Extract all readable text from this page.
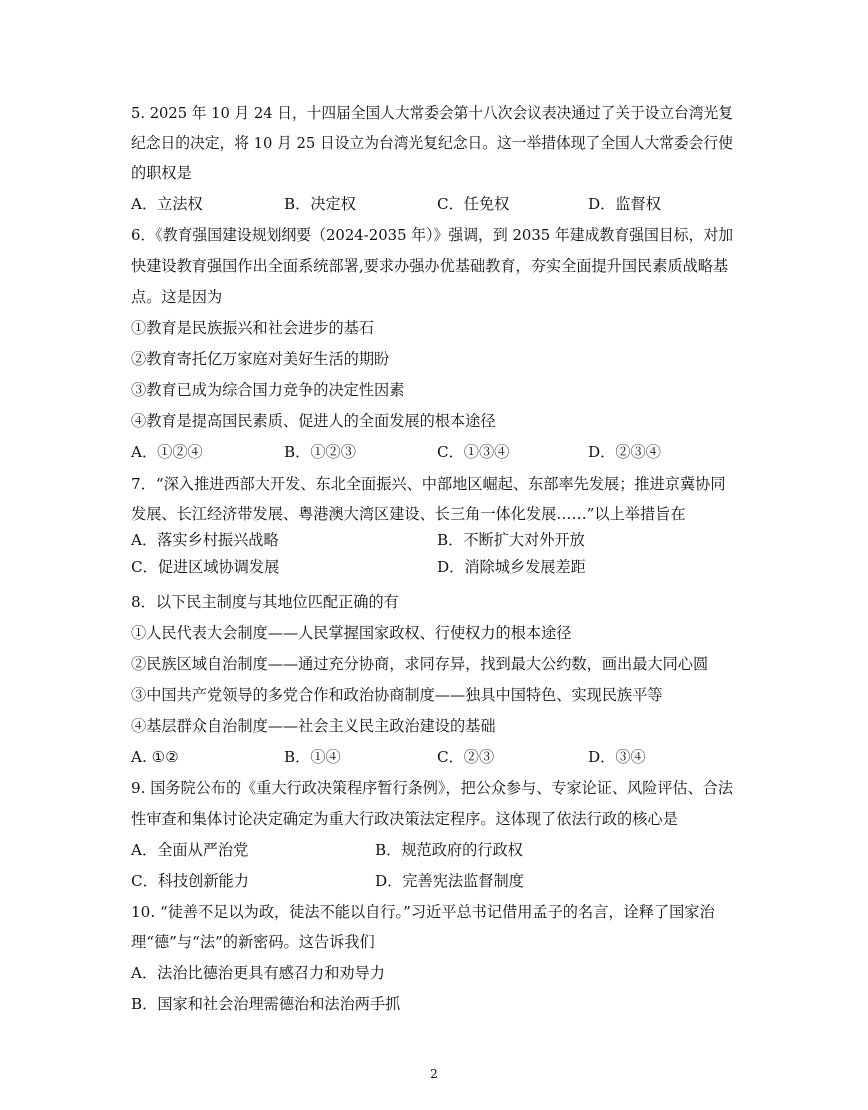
5. 2025 年 10 月 24 日，十四届全国人大常委会第十八次会议表决通过了关于设立台湾光复
纪念日的决定，将 10 月 25 日设立为台湾光复纪念日。这一举措体现了全国人大常委会行使
的职权是
A．立法权	B．决定权	C．任免权	D．监督权
6．《教育强国建设规划纲要（2024-2035 年）》强调，到 2035 年建成教育强国目标，对加
快建设教育强国作出全面系统部署,要求办强办优基础教育，夯实全面提升国民素质战略基
点。这是因为
①教育是民族振兴和社会进步的基石
②教育寄托亿万家庭对美好生活的期盼
③教育已成为综合国力竞争的决定性因素
④教育是提高国民素质、促进人的全面发展的根本途径
A．①②④	B．①②③	C．①③④	D．②③④
7．“深入推进西部大开发、东北全面振兴、中部地区崛起、东部率先发展；推进京冀协同
发展、长江经济带发展、粤港澳大湾区建设、长三角一体化发展……”以上举措旨在
A．落实乡村振兴战略	B．不断扩大对外开放
C．促进区域协调发展	D．消除城乡发展差距
8．以下民主制度与其地位匹配正确的有
①人民代表大会制度——人民掌握国家政权、行使权力的根本途径
②民族区域自治制度——通过充分协商，求同存异，找到最大公约数，画出最大同心圆
③中国共产党领导的多党合作和政治协商制度——独具中国特色、实现民族平等
④基层群众自治制度——社会主义民主政治建设的基础
A. ①②	B．①④	C．②③	D．③④
9. 国务院公布的《重大行政决策程序暂行条例》，把公众参与、专家论证、风险评估、合法
性审查和集体讨论决定确定为重大行政决策法定程序。这体现了依法行政的核心是
A．全面从严治党	B．规范政府的行政权
C．科技创新能力	D．完善宪法监督制度
10. “徒善不足以为政，徒法不能以自行。”习近平总书记借用孟子的名言，诠释了国家治
理“德”与“法”的新密码。这告诉我们
A．法治比德治更具有感召力和劝导力
B．国家和社会治理需德治和法治两手抓
2
